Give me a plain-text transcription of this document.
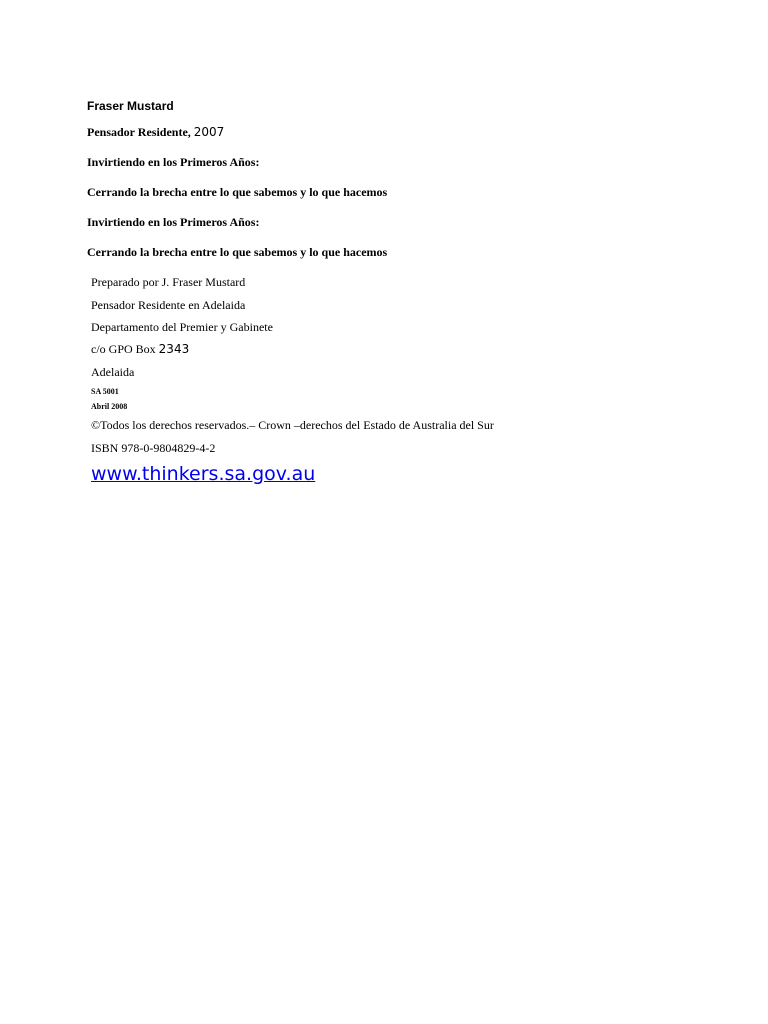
Fraser Mustard
Pensador Residente, 2007
Invirtiendo en los Primeros Años:
Cerrando la brecha entre lo que sabemos y lo que hacemos
Invirtiendo en los Primeros Años:
Cerrando la brecha entre lo que sabemos y lo que hacemos
Preparado por J. Fraser Mustard
Pensador Residente en Adelaida
Departamento del Premier y Gabinete
c/o GPO Box 2343
Adelaida
SA 5001
Abril 2008
©Todos los derechos reservados.– Crown –derechos del Estado de Australia del Sur
ISBN 978-0-9804829-4-2
www.thinkers.sa.gov.au
